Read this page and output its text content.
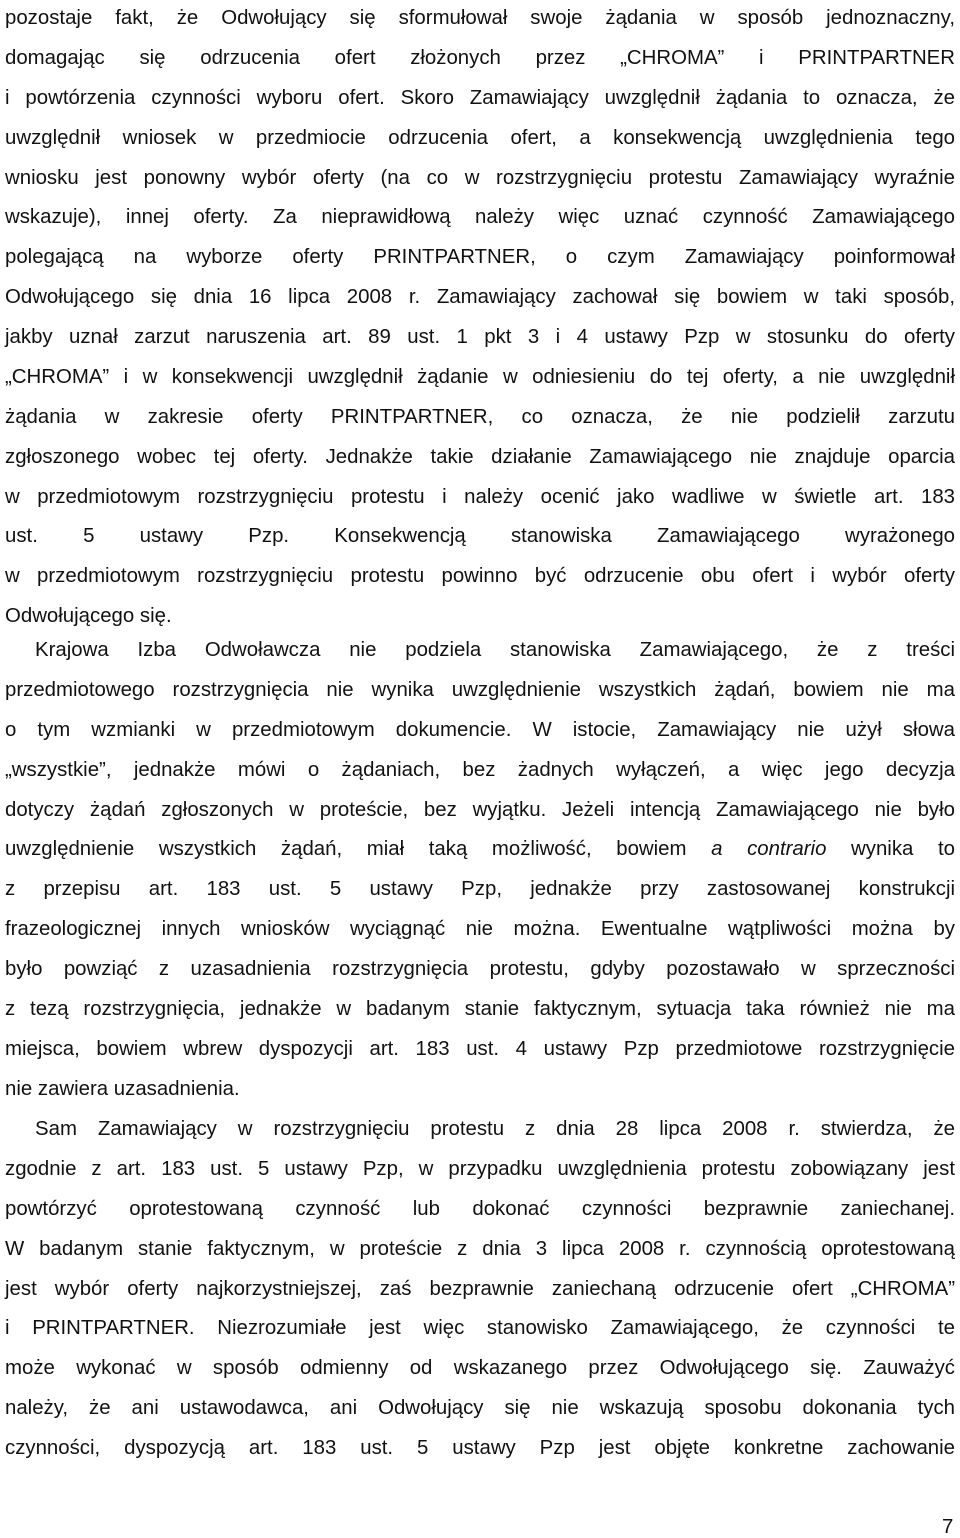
pozostaje fakt, że Odwołujący się sformułował swoje żądania w sposób jednoznaczny,
domagając się odrzucenia ofert złożonych przez „CHROMA” i PRINTPARTNER
i powtórzenia czynności wyboru ofert. Skoro Zamawiający uwzględnił żądania to oznacza, że
uwzględnił wniosek w przedmiocie odrzucenia ofert, a konsekwencją uwzględnienia tego
wniosku jest ponowny wybór oferty (na co w rozstrzygnięciu protestu Zamawiający wyraźnie
wskazuje), innej oferty. Za nieprawidłową należy więc uznać czynność Zamawiającego
polegającą na wyborze oferty PRINTPARTNER, o czym Zamawiający poinformował
Odwołującego się dnia 16 lipca 2008 r. Zamawiający zachował się bowiem w taki sposób,
jakby uznał zarzut naruszenia art. 89 ust. 1 pkt 3 i 4 ustawy Pzp w stosunku do oferty
„CHROMA” i w konsekwencji uwzględnił żądanie w odniesieniu do tej oferty, a nie uwzględnił
żądania w zakresie oferty PRINTPARTNER, co oznacza, że nie podzielił zarzutu
zgłoszonego wobec tej oferty. Jednakże takie działanie Zamawiającego nie znajduje oparcia
w przedmiotowym rozstrzygnięciu protestu i należy ocenić jako wadliwe w świetle art. 183
ust. 5 ustawy Pzp. Konsekwencją stanowiska Zamawiającego wyrażonego
w przedmiotowym rozstrzygnięciu protestu powinno być odrzucenie obu ofert i wybór oferty
Odwołującego się.
Krajowa Izba Odwoławcza nie podziela stanowiska Zamawiającego, że z treści
przedmiotowego rozstrzygnięcia nie wynika uwzględnienie wszystkich żądań, bowiem nie ma
o tym wzmianki w przedmiotowym dokumencie. W istocie, Zamawiający nie użył słowa
„wszystkie”, jednakże mówi o żądaniach, bez żadnych wyłączeń, a więc jego decyzja
dotyczy żądań zgłoszonych w proteście, bez wyjątku. Jeżeli intencją Zamawiającego nie było
uwzględnienie wszystkich żądań, miał taką możliwość, bowiem a contrario wynika to
z przepisu art. 183 ust. 5 ustawy Pzp, jednakże przy zastosowanej konstrukcji
frazeologicznej innych wniosków wyciągnąć nie można. Ewentualne wątpliwości można by
było powziąć z uzasadnienia rozstrzygnięcia protestu, gdyby pozostawało w sprzeczności
z tezą rozstrzygnięcia, jednakże w badanym stanie faktycznym, sytuacja taka również nie ma
miejsca, bowiem wbrew dyspozycji art. 183 ust. 4 ustawy Pzp przedmiotowe rozstrzygnięcie
nie zawiera uzasadnienia.
Sam Zamawiający w rozstrzygnięciu protestu z dnia 28 lipca 2008 r. stwierdza, że
zgodnie z art. 183 ust. 5 ustawy Pzp, w przypadku uwzględnienia protestu zobowiązany jest
powtórzyć oprotestowaną czynność lub dokonać czynności bezprawnie zaniechanej.
W badanym stanie faktycznym, w proteście z dnia 3 lipca 2008 r. czynnością oprotestowaną
jest wybór oferty najkorzystniejszej, zaś bezprawnie zaniechaną odrzucenie ofert „CHROMA”
i PRINTPARTNER. Niezrozumiałe jest więc stanowisko Zamawiającego, że czynności te
może wykonać w sposób odmienny od wskazanego przez Odwołującego się. Zauważyć
należy, że ani ustawodawca, ani Odwołujący się nie wskazują sposobu dokonania tych
czynności, dyspozycją art. 183 ust. 5 ustawy Pzp jest objęte konkretne zachowanie
7
